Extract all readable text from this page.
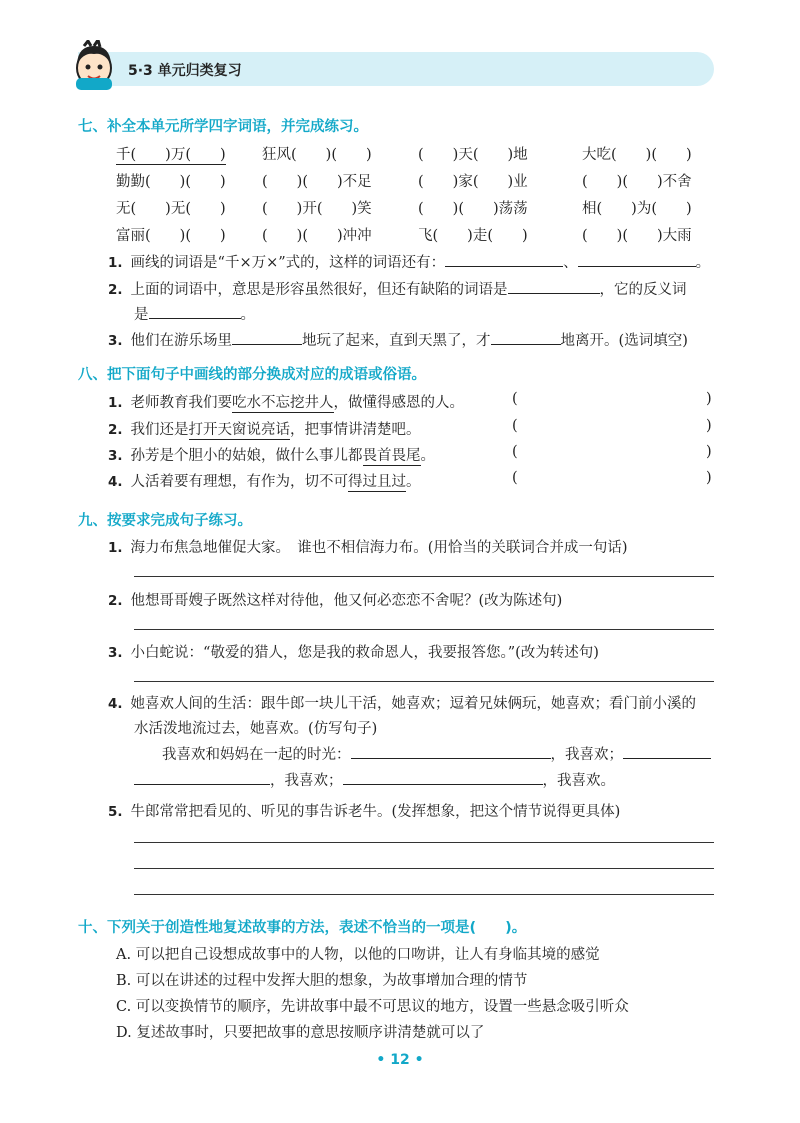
5·3 单元归类复习
七、补全本单元所学四字词语，并完成练习。
千(　　)万(　　)	狂风(　　)(　　)	(　　)天(　　)地	大吃(　　)(　　)
勤勤(　　)(　　)	(　　)(　　)不足	(　　)家(　　)业	(　　)(　　)不舍
无(　　)无(　　)	(　　)开(　　)笑	(　　)(　　)荡荡	相(　　)为(　　)
富丽(　　)(　　)	(　　)(　　)冲冲	飞(　　)走(　　)	(　　)(　　)大雨
1. 画线的词语是“千×万×”式的，这样的词语还有：	、	。
2. 上面的词语中，意思是形容虽然很好，但还有缺陷的词语是	，它的反义词
是	。
3. 他们在游乐场里	地玩了起来，直到天黑了，才	地离开。(选词填空)
八、把下面句子中画线的部分换成对应的成语或俗语。
1. 老师教育我们要吃水不忘挖井人，做懂得感恩的人。	(	)
2. 我们还是打开天窗说亮话，把事情讲清楚吧。	(	)
3. 孙芳是个胆小的姑娘，做什么事儿都畏首畏尾。	(	)
4. 人活着要有理想，有作为，切不可得过且过。	(	)
九、按要求完成句子练习。
1. 海力布焦急地催促大家。　谁也不相信海力布。(用恰当的关联词合并成一句话)
2. 他想哥哥嫂子既然这样对待他，他又何必恋恋不舍呢？(改为陈述句)
3. 小白蛇说：“敬爱的猎人，您是我的救命恩人，我要报答您。”(改为转述句)
4. 她喜欢人间的生活：跟牛郎一块儿干活，她喜欢；逗着兄妹俩玩，她喜欢；看门前小溪的
水活泼地流过去，她喜欢。(仿写句子)
我喜欢和妈妈在一起的时光：	，我喜欢；
，我喜欢；	，我喜欢。
5. 牛郎常常把看见的、听见的事告诉老牛。(发挥想象，把这个情节说得更具体)
十、下列关于创造性地复述故事的方法，表述不恰当的一项是(　　)。
A. 可以把自己设想成故事中的人物，以他的口吻讲，让人有身临其境的感觉
B. 可以在讲述的过程中发挥大胆的想象，为故事增加合理的情节
C. 可以变换情节的顺序，先讲故事中最不可思议的地方，设置一些悬念吸引听众
D. 复述故事时，只要把故事的意思按顺序讲清楚就可以了
• 12 •
